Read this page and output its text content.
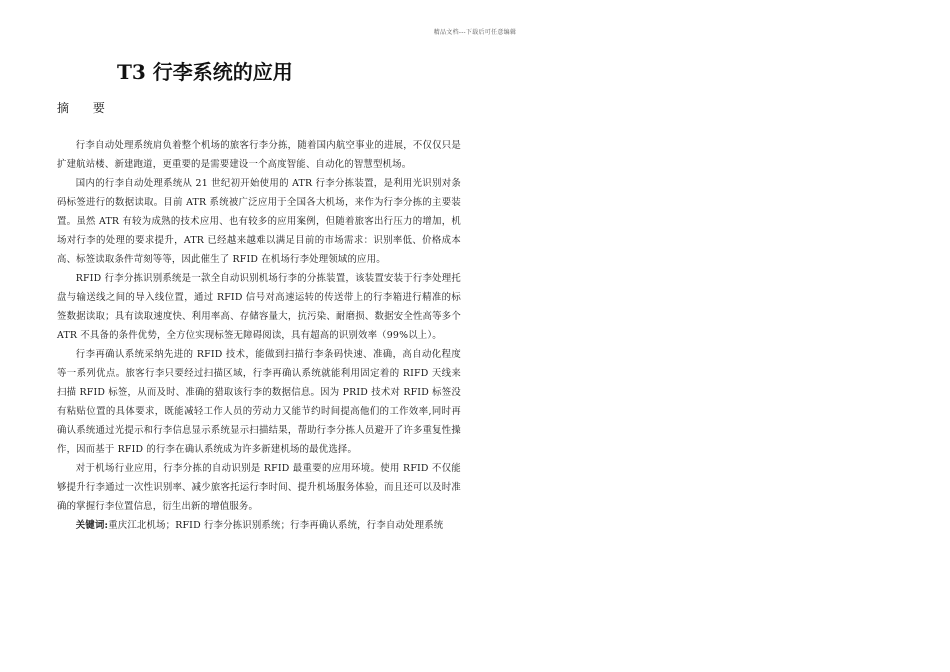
精品文档---下载后可任意编辑
T3 行李系统的应用
摘 要

行李自动处理系统肩负着整个机场的旅客行李分拣，随着国内航空事业的进展，不仅仅只是扩建航站楼、新建跑道，更重要的是需要建设一个高度智能、自动化的智慧型机场。

国内的行李自动处理系统从 21 世纪初开始使用的 ATR 行李分拣装置，是利用光识别对条码标签进行的数据读取。目前 ATR 系统被广泛应用于全国各大机场，来作为行李分拣的主要装置。虽然 ATR 有较为成熟的技术应用、也有较多的应用案例，但随着旅客出行压力的增加，机场对行李的处理的要求提升，ATR 已经越来越难以满足目前的市场需求：识别率低、价格成本高、标签读取条件苛刻等等，因此催生了 RFID 在机场行李处理领域的应用。

RFID 行李分拣识别系统是一款全自动识别机场行李的分拣装置，该装置安装于行李处理托盘与输送线之间的导入线位置，通过 RFID 信号对高速运转的传送带上的行李箱进行精准的标签数据读取；具有读取速度快、利用率高、存储容量大，抗污染、耐磨损、数据安全性高等多个 ATR 不具备的条件优势，全方位实现标签无障碍阅读，具有超高的识别效率（99%以上）。

行李再确认系统采纳先进的 RFID 技术，能做到扫描行李条码快速、准确，高自动化程度等一系列优点。旅客行李只要经过扫描区域，行李再确认系统就能利用固定着的 RIFD 天线来扫描 RFID 标签，从而及时、准确的猎取该行李的数据信息。因为 PRID 技术对 RFID 标签没有粘贴位置的具体要求，既能减轻工作人员的劳动力又能节约时间提高他们的工作效率,同时再确认系统通过光提示和行李信息显示系统显示扫描结果，帮助行李分拣人员避开了许多重复性操作，因而基于 RFID 的行李在确认系统成为许多新建机场的最优选择。

对于机场行业应用，行李分拣的自动识别是 RFID 最重要的应用环境。使用 RFID 不仅能够提升行李通过一次性识别率、减少旅客托运行李时间、提升机场服务体验，而且还可以及时准确的掌握行李位置信息，衍生出新的增值服务。

关键词:重庆江北机场；RFID 行李分拣识别系统；行李再确认系统，行李自动处理系统
